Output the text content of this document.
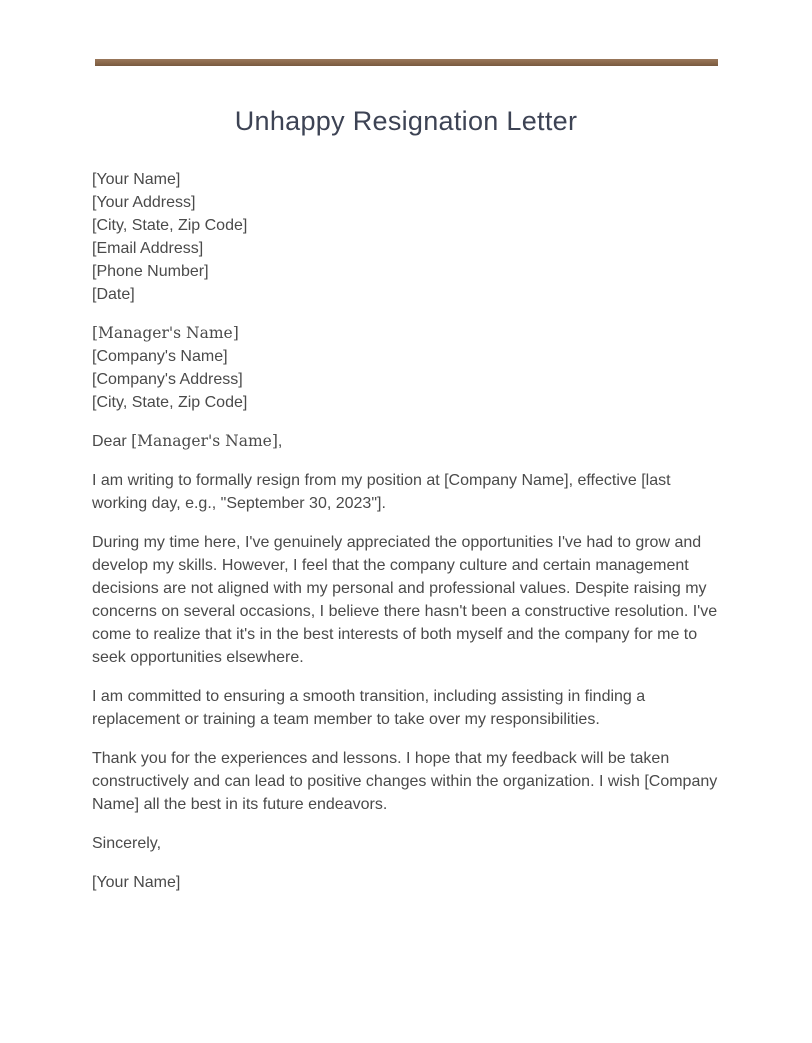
Unhappy Resignation Letter
[Your Name]
[Your Address]
[City, State, Zip Code]
[Email Address]
[Phone Number]
[Date]
[Manager's Name]
[Company's Name]
[Company's Address]
[City, State, Zip Code]
Dear [Manager's Name],

I am writing to formally resign from my position at [Company Name], effective [last working day, e.g., "September 30, 2023"].

During my time here, I've genuinely appreciated the opportunities I've had to grow and develop my skills. However, I feel that the company culture and certain management decisions are not aligned with my personal and professional values. Despite raising my concerns on several occasions, I believe there hasn't been a constructive resolution. I've come to realize that it's in the best interests of both myself and the company for me to seek opportunities elsewhere.

I am committed to ensuring a smooth transition, including assisting in finding a replacement or training a team member to take over my responsibilities.

Thank you for the experiences and lessons. I hope that my feedback will be taken constructively and can lead to positive changes within the organization. I wish [Company Name] all the best in its future endeavors.

Sincerely,
[Your Name]
